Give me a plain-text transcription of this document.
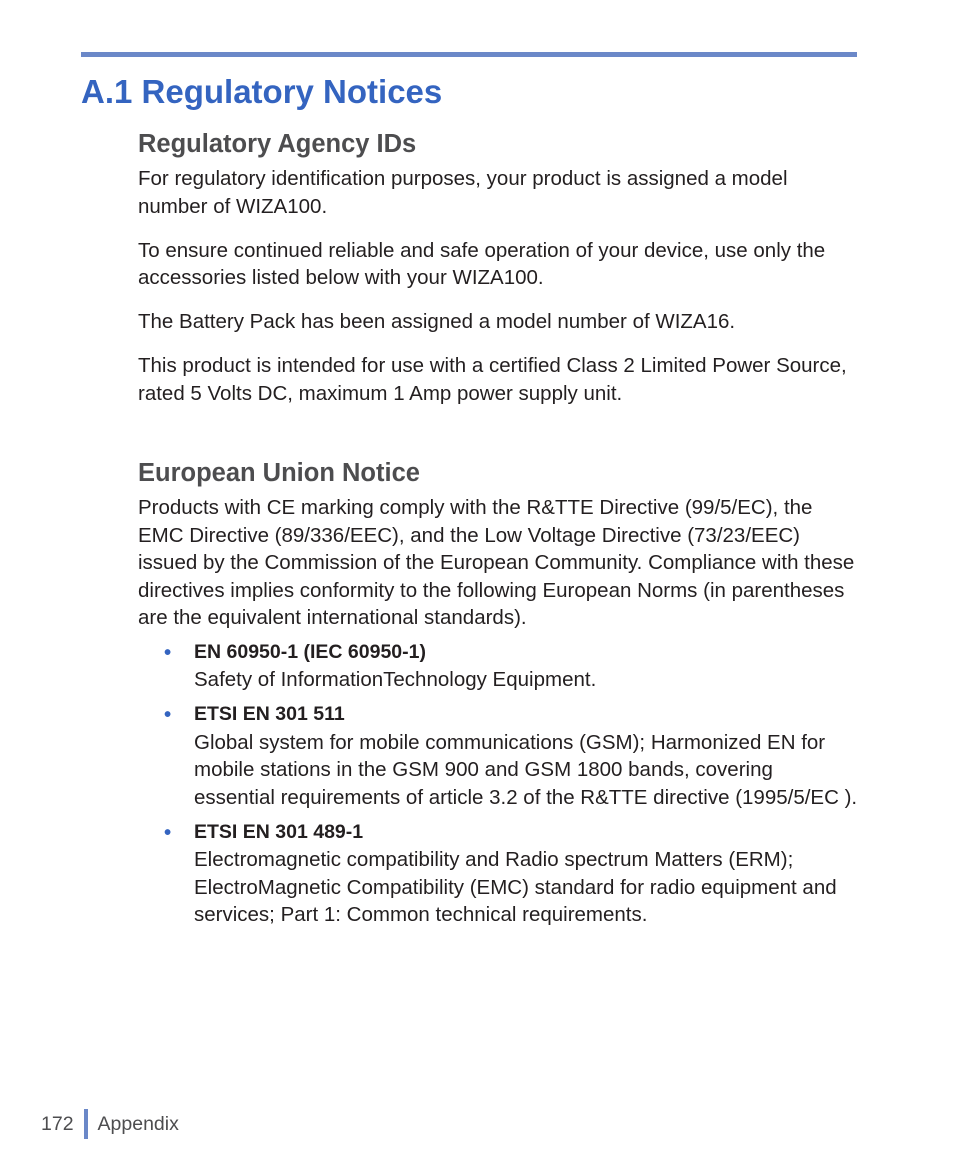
A.1 Regulatory Notices
Regulatory Agency IDs

For regulatory identification purposes, your product is assigned a model number of WIZA100.

To ensure continued reliable and safe operation of your device, use only the accessories listed below with your WIZA100.

The Battery Pack has been assigned a model number of WIZA16.

This product is intended for use with a certified Class 2 Limited Power Source, rated 5 Volts DC, maximum 1 Amp power supply unit.

European Union Notice

Products with CE marking comply with the R&TTE Directive (99/5/EC), the EMC Directive (89/336/EEC), and the Low Voltage Directive (73/23/EEC) issued by the Commission of the European Community. Compliance with these directives implies conformity to the following European Norms (in parentheses are the equivalent international standards).

• EN 60950-1 (IEC 60950-1)
Safety of InformationTechnology Equipment.
• ETSI EN 301 511
Global system for mobile communications (GSM); Harmonized EN for mobile stations in the GSM 900 and GSM 1800 bands, covering essential requirements of article 3.2 of the R&TTE directive (1995/5/EC ).
• ETSI EN 301 489-1
Electromagnetic compatibility and Radio spectrum Matters (ERM); ElectroMagnetic Compatibility (EMC) standard for radio equipment and services; Part 1: Common technical requirements.
172 Appendix
